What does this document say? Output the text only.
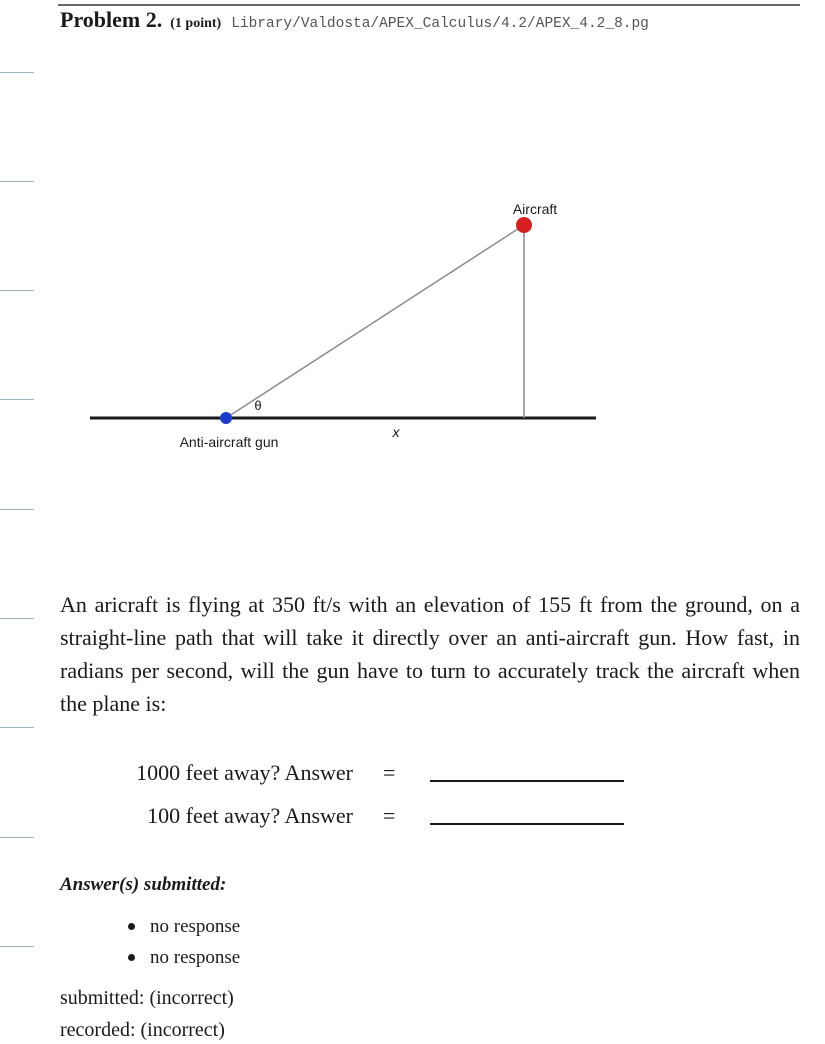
Problem 2. (1 point) Library/Valdosta/APEX_Calculus/4.2/APEX_4.2_8.pg
Aircraft
Anti-aircraft gun
θ
x
An aricraft is flying at 350 ft/s with an elevation of 155 ft from the ground, on a straight-line path that will take it directly over an anti-aircraft gun. How fast, in radians per second, will the gun have to turn to accurately track the aircraft when the plane is:
1000 feet away? Answer =
100 feet away? Answer =
Answer(s) submitted:
no response
no response
submitted: (incorrect)
recorded: (incorrect)
